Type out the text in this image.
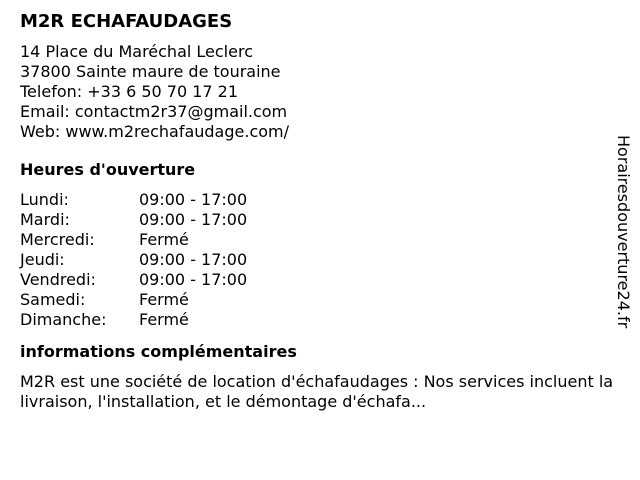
M2R ECHAFAUDAGES
14 Place du Maréchal Leclerc
37800 Sainte maure de touraine
Telefon: +33 6 50 70 17 21
Email: contactm2r37@gmail.com
Web: www.m2rechafaudage.com/
Heures d'ouverture
Lundi:	09:00 - 17:00
Mardi:	09:00 - 17:00
Mercredi:	Fermé
Jeudi:	09:00 - 17:00
Vendredi:	09:00 - 17:00
Samedi:	Fermé
Dimanche:	Fermé
informations complémentaires
M2R est une société de location d'échafaudages : Nos services incluent la livraison, l'installation, et le démontage d'échafa...
Horairesdouverture24.fr
